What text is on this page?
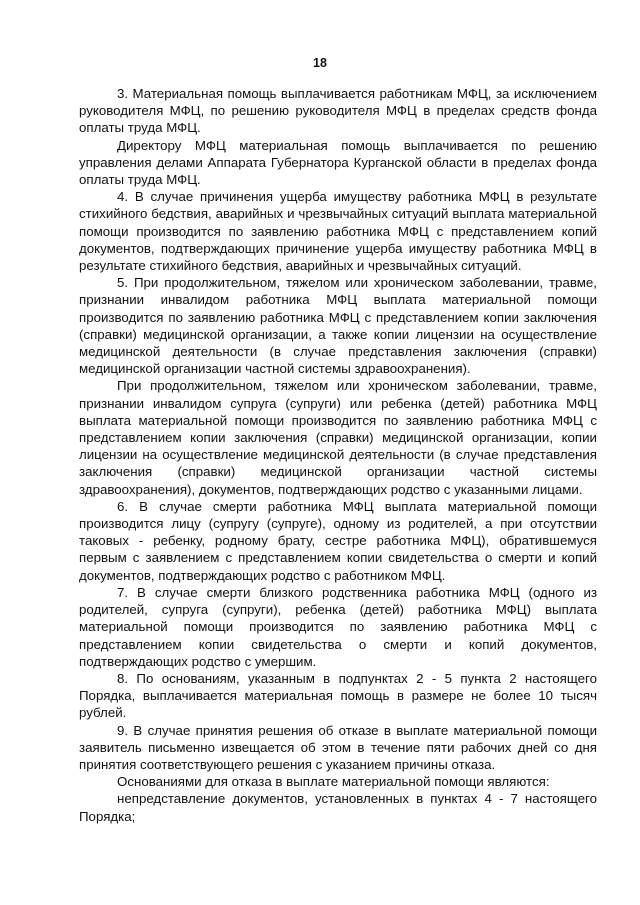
18

3. Материальная помощь выплачивается работникам МФЦ, за исключением руководителя МФЦ, по решению руководителя МФЦ в пределах средств фонда оплаты труда МФЦ.

Директору МФЦ материальная помощь выплачивается по решению управления делами Аппарата Губернатора Курганской области в пределах фонда оплаты труда МФЦ.

4. В случае причинения ущерба имуществу работника МФЦ в результате стихийного бедствия, аварийных и чрезвычайных ситуаций выплата материальной помощи производится по заявлению работника МФЦ с представлением копий документов, подтверждающих причинение ущерба имуществу работника МФЦ в результате стихийного бедствия, аварийных и чрезвычайных ситуаций.

5. При продолжительном, тяжелом или хроническом заболевании, травме, признании инвалидом работника МФЦ выплата материальной помощи производится по заявлению работника МФЦ с представлением копии заключения (справки) медицинской организации, а также копии лицензии на осуществление медицинской деятельности (в случае представления заключения (справки) медицинской организации частной системы здравоохранения).

При продолжительном, тяжелом или хроническом заболевании, травме, признании инвалидом супруга (супруги) или ребенка (детей) работника МФЦ выплата материальной помощи производится по заявлению работника МФЦ с представлением копии заключения (справки) медицинской организации, копии лицензии на осуществление медицинской деятельности (в случае представления заключения (справки) медицинской организации частной системы здравоохранения), документов, подтверждающих родство с указанными лицами.

6. В случае смерти работника МФЦ выплата материальной помощи производится лицу (супругу (супруге), одному из родителей, а при отсутствии таковых - ребенку, родному брату, сестре работника МФЦ), обратившемуся первым с заявлением с представлением копии свидетельства о смерти и копий документов, подтверждающих родство с работником МФЦ.

7. В случае смерти близкого родственника работника МФЦ (одного из родителей, супруга (супруги), ребенка (детей) работника МФЦ) выплата материальной помощи производится по заявлению работника МФЦ с представлением копии свидетельства о смерти и копий документов, подтверждающих родство с умершим.

8. По основаниям, указанным в подпунктах 2 - 5 пункта 2 настоящего Порядка, выплачивается материальная помощь в размере не более 10 тысяч рублей.

9. В случае принятия решения об отказе в выплате материальной помощи заявитель письменно извещается об этом в течение пяти рабочих дней со дня принятия соответствующего решения с указанием причины отказа.

Основаниями для отказа в выплате материальной помощи являются:

непредставление документов, установленных в пунктах 4 - 7 настоящего Порядка;
